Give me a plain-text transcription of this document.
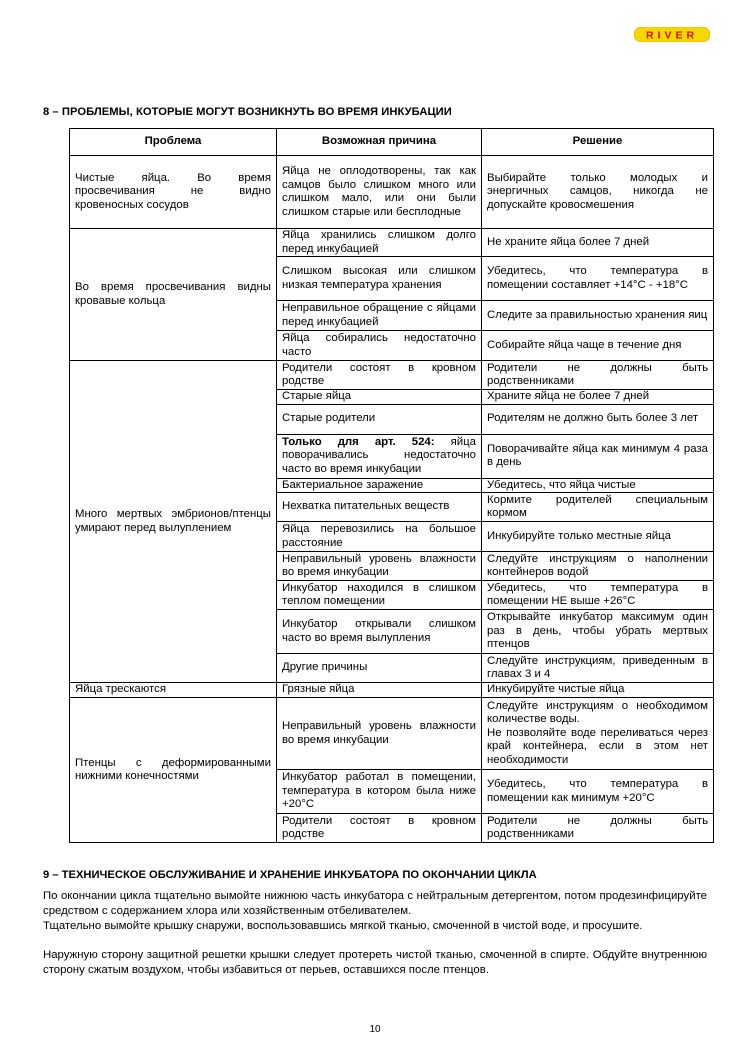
RIVER
8 – ПРОБЛЕМЫ, КОТОРЫЕ МОГУТ ВОЗНИКНУТЬ ВО ВРЕМЯ ИНКУБАЦИИ
Проблема	Возможная причина	Решение
Чистые яйца. Во время просвечивания не видно кровеносных сосудов	Яйца не оплодотворены, так как самцов было слишком много или слишком мало, или они были слишком старые или бесплодные	Выбирайте только молодых и энергичных самцов, никогда не допускайте кровосмешения
Во время просвечивания видны кровавые кольца	Яйца хранились слишком долго перед инкубацией	Не храните яйца более 7 дней
	Слишком высокая или слишком низкая температура хранения	Убедитесь, что температура в помещении составляет +14°C - +18°C
	Неправильное обращение с яйцами перед инкубацией	Следите за правильностью хранения яиц
	Яйца собирались недостаточно часто	Собирайте яйца чаще в течение дня
Много мертвых эмбрионов/птенцы умирают перед вылуплением	Родители состоят в кровном родстве	Родители не должны быть родственниками
	Старые яйца	Храните яйца не более 7 дней
	Старые родители	Родителям не должно быть более 3 лет
	Только для арт. 524: яйца поворачивались недостаточно часто во время инкубации	Поворачивайте яйца как минимум 4 раза в день
	Бактериальное заражение	Убедитесь, что яйца чистые
	Нехватка питательных веществ	Кормите родителей специальным кормом
	Яйца перевозились на большое расстояние	Инкубируйте только местные яйца
	Неправильный уровень влажности во время инкубации	Следуйте инструкциям о наполнении контейнеров водой
	Инкубатор находился в слишком теплом помещении	Убедитесь, что температура в помещении НЕ выше +26°C
	Инкубатор открывали слишком часто во время вылупления	Открывайте инкубатор максимум один раз в день, чтобы убрать мертвых птенцов
	Другие причины	Следуйте инструкциям, приведенным в главах 3 и 4
Яйца трескаются	Грязные яйца	Инкубируйте чистые яйца
Птенцы с деформированными нижними конечностями	Неправильный уровень влажности во время инкубации	Следуйте инструкциям о необходимом количестве воды.
Не позволяйте воде переливаться через край контейнера, если в этом нет необходимости

	Инкубатор работал в помещении, температура в котором была ниже +20°C	Убедитесь, что температура в помещении как минимум +20°C
	Родители состоят в кровном родстве	Родители не должны быть родственниками
9 – ТЕХНИЧЕСКОЕ ОБСЛУЖИВАНИЕ И ХРАНЕНИЕ ИНКУБАТОРА ПО ОКОНЧАНИИ ЦИКЛА

По окончании цикла тщательно вымойте нижнюю часть инкубатора с нейтральным детергентом, потом продезинфицируйте средством с содержанием хлора или хозяйственным отбеливателем.

Тщательно вымойте крышку снаружи, воспользовавшись мягкой тканью, смоченной в чистой воде, и просушите.

Наружную сторону защитной решетки крышки следует протереть чистой тканью, смоченной в спирте. Обдуйте внутреннюю сторону сжатым воздухом, чтобы избавиться от перьев, оставшихся после птенцов.

10
